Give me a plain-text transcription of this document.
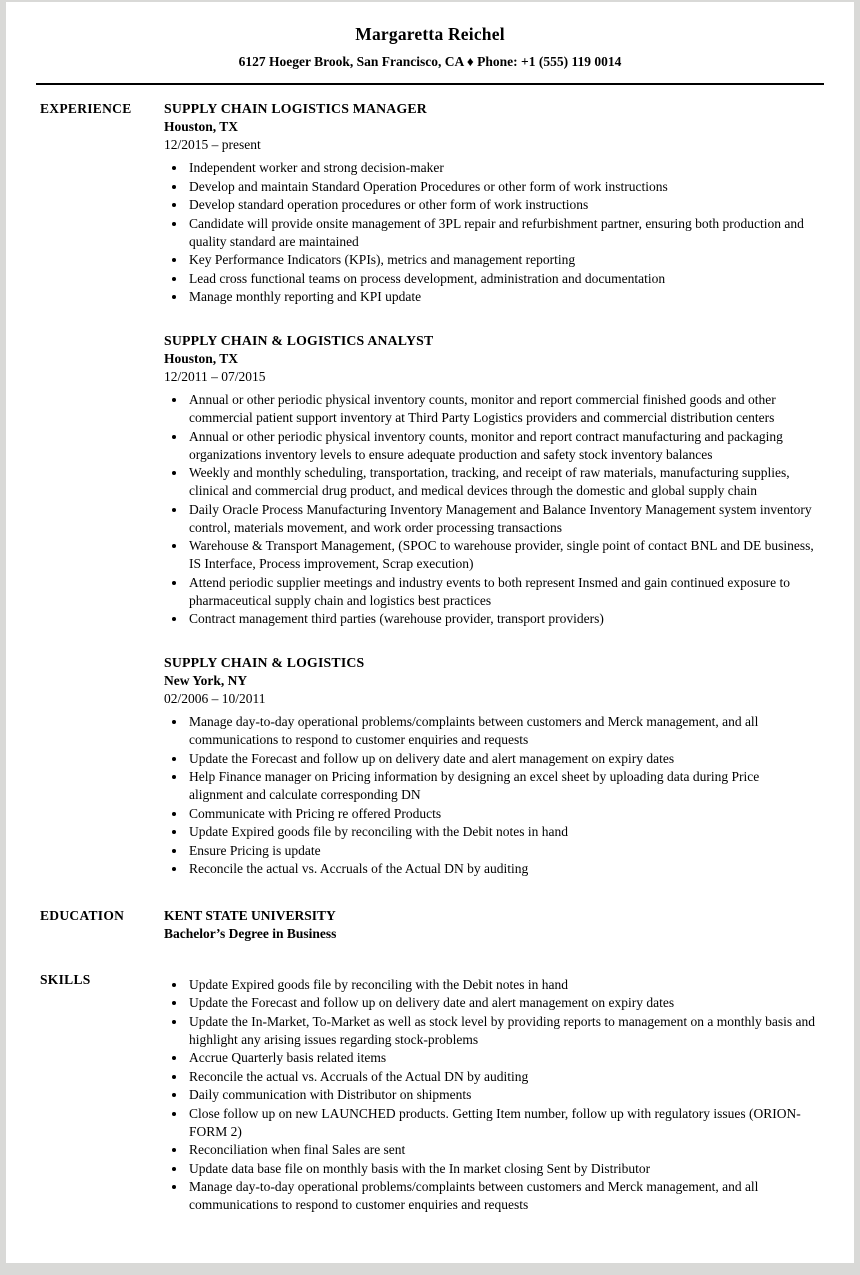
Margaretta Reichel
6127 Hoeger Brook, San Francisco, CA ♦ Phone: +1 (555) 119 0014
EXPERIENCE	SUPPLY CHAIN LOGISTICS MANAGER
Houston, TX
12/2015 – present
• Independent worker and strong decision-maker
• Develop and maintain Standard Operation Procedures or other form of work instructions
• Develop standard operation procedures or other form of work instructions
• Candidate will provide onsite management of 3PL repair and refurbishment partner, ensuring both production and quality standard are maintained
• Key Performance Indicators (KPIs), metrics and management reporting
• Lead cross functional teams on process development, administration and documentation
• Manage monthly reporting and KPI update
SUPPLY CHAIN & LOGISTICS ANALYST
Houston, TX
12/2011 – 07/2015
• Annual or other periodic physical inventory counts, monitor and report commercial finished goods and other commercial patient support inventory at Third Party Logistics providers and commercial distribution centers
• Annual or other periodic physical inventory counts, monitor and report contract manufacturing and packaging organizations inventory levels to ensure adequate production and safety stock inventory balances
• Weekly and monthly scheduling, transportation, tracking, and receipt of raw materials, manufacturing supplies, clinical and commercial drug product, and medical devices through the domestic and global supply chain
• Daily Oracle Process Manufacturing Inventory Management and Balance Inventory Management system inventory control, materials movement, and work order processing transactions
• Warehouse & Transport Management, (SPOC to warehouse provider, single point of contact BNL and DE business, IS Interface, Process improvement, Scrap execution)
• Attend periodic supplier meetings and industry events to both represent Insmed and gain continued exposure to pharmaceutical supply chain and logistics best practices
• Contract management third parties (warehouse provider, transport providers)
SUPPLY CHAIN & LOGISTICS
New York, NY
02/2006 – 10/2011
• Manage day-to-day operational problems/complaints between customers and Merck management, and all communications to respond to customer enquiries and requests
• Update the Forecast and follow up on delivery date and alert management on expiry dates
• Help Finance manager on Pricing information by designing an excel sheet by uploading data during Price alignment and calculate corresponding DN
• Communicate with Pricing re offered Products
• Update Expired goods file by reconciling with the Debit notes in hand
• Ensure Pricing is update
• Reconcile the actual vs. Accruals of the Actual DN by auditing
EDUCATION	KENT STATE UNIVERSITY
Bachelor’s Degree in Business
SKILLS	• Update Expired goods file by reconciling with the Debit notes in hand
• Update the Forecast and follow up on delivery date and alert management on expiry dates
• Update the In-Market, To-Market as well as stock level by providing reports to management on a monthly basis and highlight any arising issues regarding stock-problems
• Accrue Quarterly basis related items
• Reconcile the actual vs. Accruals of the Actual DN by auditing
• Daily communication with Distributor on shipments
• Close follow up on new LAUNCHED products. Getting Item number, follow up with regulatory issues (ORION-FORM 2)
• Reconciliation when final Sales are sent
• Update data base file on monthly basis with the In market closing Sent by Distributor
• Manage day-to-day operational problems/complaints between customers and Merck management, and all communications to respond to customer enquiries and requests
